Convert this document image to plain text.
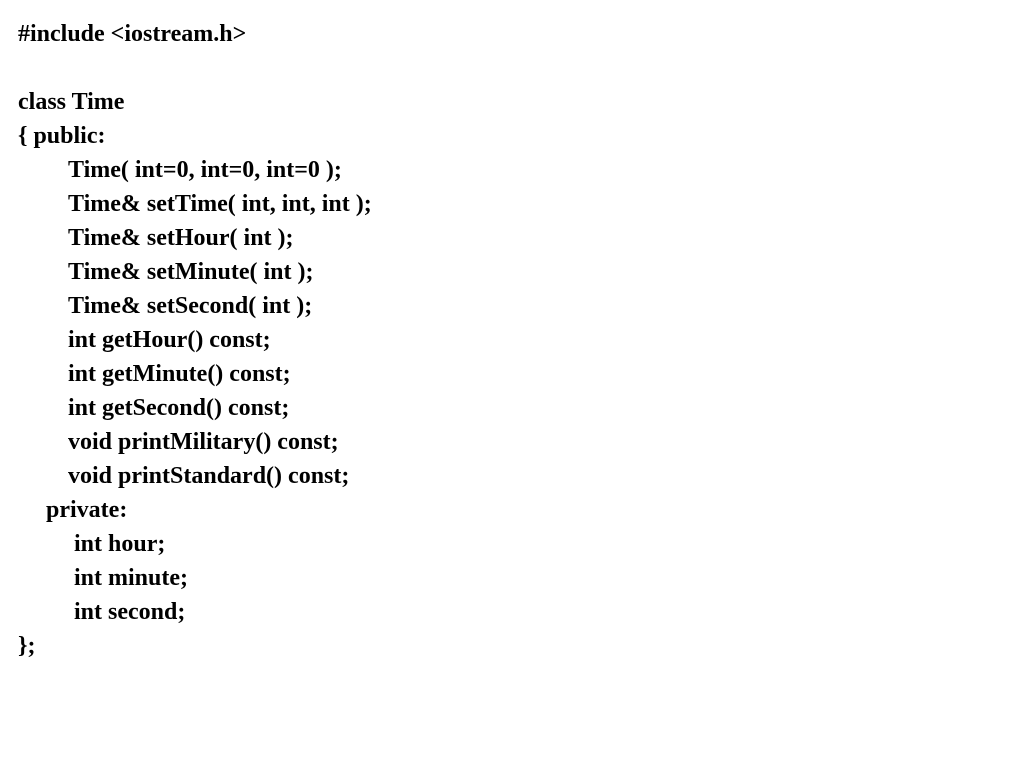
#include <iostream.h>
class Time
{ public:
Time( int=0, int=0, int=0 );
Time& setTime( int, int, int );
Time& setHour( int );
Time& setMinute( int );
Time& setSecond( int );
int getHour() const;
int getMinute() const;
int getSecond() const;
void printMilitary() const;
void printStandard() const;
private:
int hour;
int minute;
int second;
};
